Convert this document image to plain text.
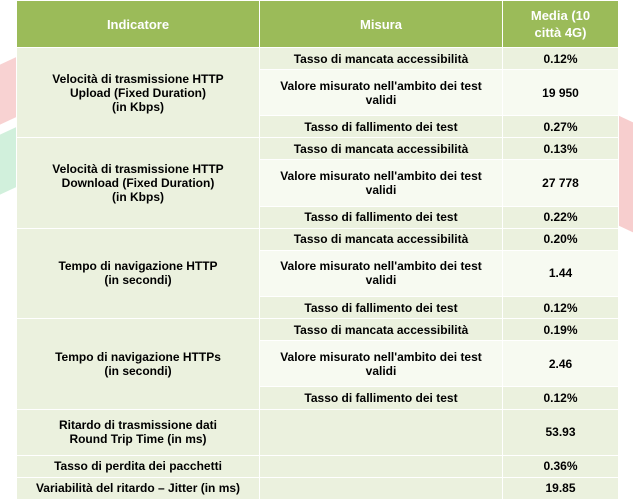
Indicatore	Misura	Media (10
città 4G)
Velocità di trasmissione HTTP
Upload (Fixed Duration)
(in Kbps)	Tasso di mancata accessibilità	0.12%
	Valore misurato nell'ambito dei test
validi	19 950
	Tasso di fallimento dei test	0.27%
Velocità di trasmissione HTTP
Download (Fixed Duration)
(in Kbps)	Tasso di mancata accessibilità	0.13%
	Valore misurato nell'ambito dei test
validi	27 778
	Tasso di fallimento dei test	0.22%
Tempo di navigazione HTTP
(in secondi)	Tasso di mancata accessibilità	0.20%
	Valore misurato nell'ambito dei test
validi	1.44
	Tasso di fallimento dei test	0.12%
Tempo di navigazione HTTPs
(in secondi)	Tasso di mancata accessibilità	0.19%
	Valore misurato nell'ambito dei test
validi	2.46
	Tasso di fallimento dei test	0.12%
Ritardo di trasmissione dati
Round Trip Time (in ms)		53.93
Tasso di perdita dei pacchetti		0.36%
Variabilità del ritardo – Jitter (in ms)		19.85
